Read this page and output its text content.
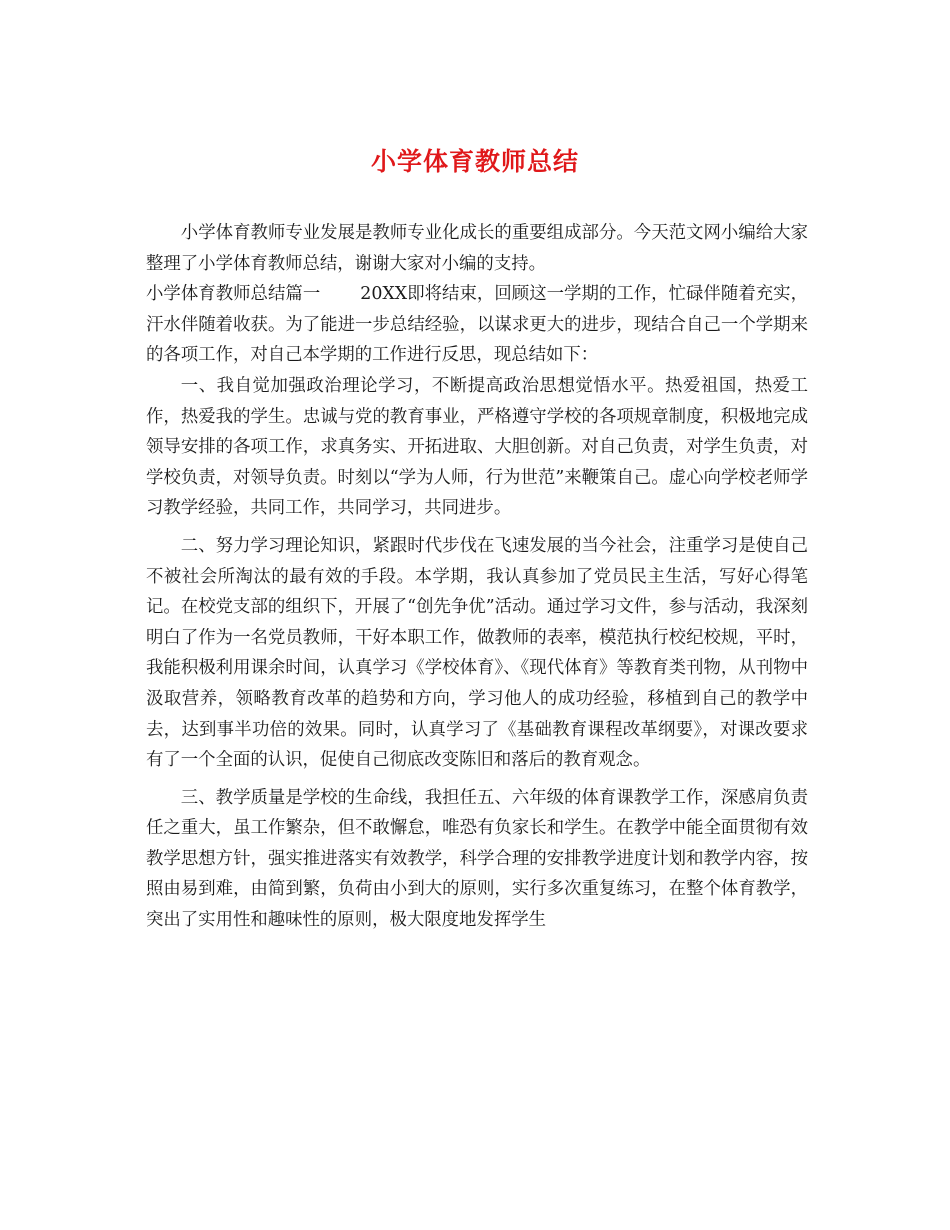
小学体育教师总结

小学体育教师专业发展是教师专业化成长的重要组成部分。今天范文网小编给大家整理了小学体育教师总结，谢谢大家对小编的支持。

小学体育教师总结篇一 20XX即将结束，回顾这一学期的工作，忙碌伴随着充实，汗水伴随着收获。为了能进一步总结经验，以谋求更大的进步，现结合自己一个学期来的各项工作，对自己本学期的工作进行反思，现总结如下：

一、我自觉加强政治理论学习，不断提高政治思想觉悟水平。热爱祖国，热爱工作，热爱我的学生。忠诚与党的教育事业，严格遵守学校的各项规章制度，积极地完成领导安排的各项工作，求真务实、开拓进取、大胆创新。对自己负责，对学生负责，对学校负责，对领导负责。时刻以“学为人师，行为世范”来鞭策自己。虚心向学校老师学习教学经验，共同工作，共同学习，共同进步。

二、努力学习理论知识，紧跟时代步伐在飞速发展的当今社会，注重学习是使自己不被社会所淘汰的最有效的手段。本学期，我认真参加了党员民主生活，写好心得笔记。在校党支部的组织下，开展了“创先争优”活动。通过学习文件，参与活动，我深刻明白了作为一名党员教师，干好本职工作，做教师的表率，模范执行校纪校规，平时，我能积极利用课余时间，认真学习《学校体育》、《现代体育》等教育类刊物，从刊物中汲取营养，领略教育改革的趋势和方向，学习他人的成功经验，移植到自己的教学中去，达到事半功倍的效果。同时，认真学习了《基础教育课程改革纲要》，对课改要求有了一个全面的认识，促使自己彻底改变陈旧和落后的教育观念。

三、教学质量是学校的生命线，我担任五、六年级的体育课教学工作，深感肩负责任之重大，虽工作繁杂，但不敢懈怠，唯恐有负家长和学生。在教学中能全面贯彻有效教学思想方针，强实推进落实有效教学，科学合理的安排教学进度计划和教学内容，按照由易到难，由简到繁，负荷由小到大的原则，实行多次重复练习，在整个体育教学，突出了实用性和趣味性的原则，极大限度地发挥学生
